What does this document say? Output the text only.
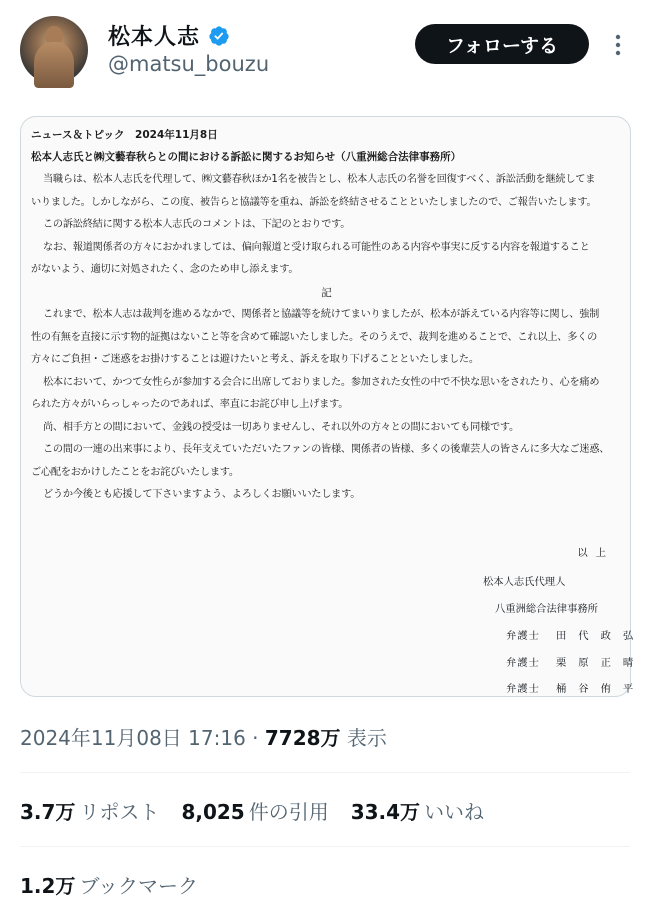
松本人志
@matsu_bouzu
フォローする
ニュース＆トピック　2024年11月8日
松本人志氏と㈱文藝春秋らとの間における訴訟に関するお知らせ（八重洲総合法律事務所）
当職らは、松本人志氏を代理して、㈱文藝春秋ほか1名を被告とし、松本人志氏の名誉を回復すべく、訴訟活動を継続してま
いりました。しかしながら、この度、被告らと協議等を重ね、訴訟を終結させることといたしましたので、ご報告いたします。
この訴訟終結に関する松本人志氏のコメントは、下記のとおりです。
なお、報道関係者の方々におかれましては、偏向報道と受け取られる可能性のある内容や事実に反する内容を報道すること
がないよう、適切に対処されたく、念のため申し添えます。
記
これまで、松本人志は裁判を進めるなかで、関係者と協議等を続けてまいりましたが、松本が訴えている内容等に関し、強制
性の有無を直接に示す物的証拠はないこと等を含めて確認いたしました。そのうえで、裁判を進めることで、これ以上、多くの
方々にご負担・ご迷惑をお掛けすることは避けたいと考え、訴えを取り下げることといたしました。
松本において、かつて女性らが参加する会合に出席しておりました。参加された女性の中で不快な思いをされたり、心を痛め
られた方々がいらっしゃったのであれば、率直にお詫び申し上げます。
尚、相手方との間において、金銭の授受は一切ありませんし、それ以外の方々との間においても同様です。
この間の一連の出来事により、長年支えていただいたファンの皆様、関係者の皆様、多くの後輩芸人の皆さんに多大なご迷惑、
ご心配をおかけしたことをお詫びいたします。
どうか今後とも応援して下さいますよう、よろしくお願いいたします。
以上
松本人志氏代理人
八重洲総合法律事務所
弁護士 田代政弘
弁護士 栗原正晴
弁護士 桶谷侑平
2024年11月08日 17:16 · 7728万 表示
3.7万 リポスト 8,025 件の引用 33.4万 いいね
1.2万 ブックマーク
